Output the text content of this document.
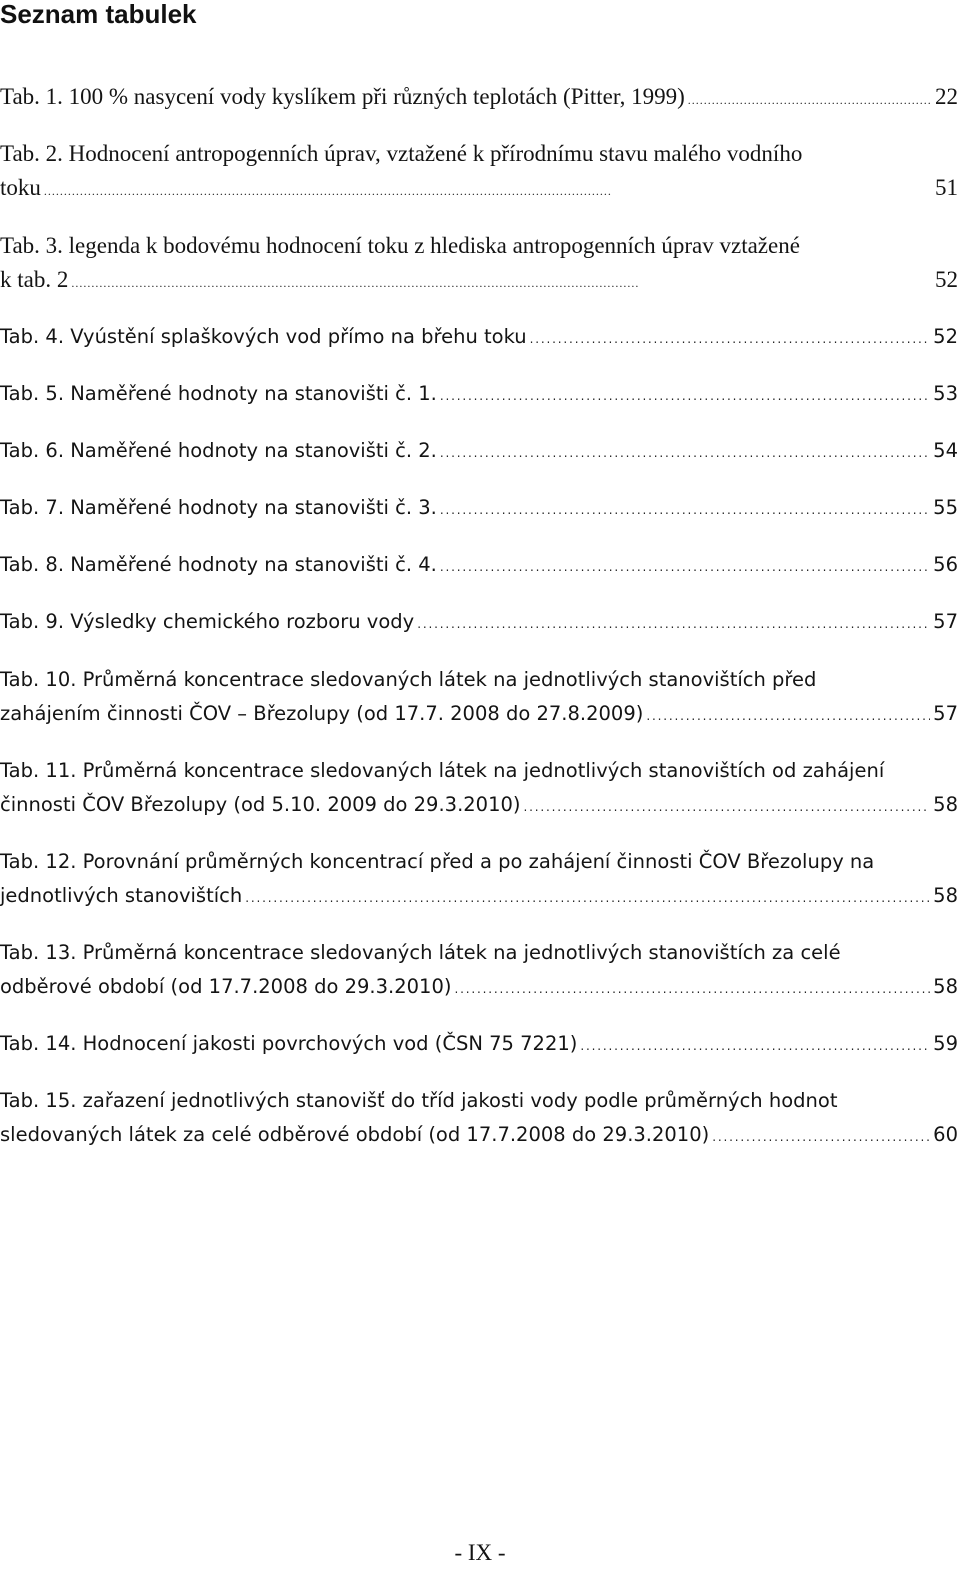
Seznam tabulek
Tab. 1. 100 % nasycení vody kyslíkem při různých teplotách (Pitter, 1999) . . .	22
Tab. 2. Hodnocení antropogenních úprav, vztažené k přírodnímu stavu malého vodního
toku . . .	51
Tab. 3. legenda k bodovému hodnocení toku z hlediska antropogenních úprav vztažené
k tab. 2 . . .	52
Tab. 4. Vyústění splaškových vod přímo na břehu toku . . .	52
Tab. 5. Naměřené hodnoty na stanovišti č. 1. . . .	53
Tab. 6. Naměřené hodnoty na stanovišti č. 2. . . .	54
Tab. 7. Naměřené hodnoty na stanovišti č. 3. . . .	55
Tab. 8. Naměřené hodnoty na stanovišti č. 4. . . .	56
Tab. 9. Výsledky chemického rozboru vody . . .	57
Tab. 10. Průměrná koncentrace sledovaných látek na jednotlivých stanovištích před
zahájením činnosti ČOV – Březolupy (od 17.7. 2008 do 27.8.2009) . . .	57
Tab. 11. Průměrná koncentrace sledovaných látek na jednotlivých stanovištích od zahájení
činnosti ČOV Březolupy (od 5.10. 2009 do 29.3.2010) . . .	58
Tab. 12. Porovnání průměrných koncentrací před a po zahájení činnosti ČOV Březolupy na
jednotlivých stanovištích . . .	58
Tab. 13. Průměrná koncentrace sledovaných látek na jednotlivých stanovištích za celé
odběrové období (od 17.7.2008 do 29.3.2010) . . .	58
Tab. 14. Hodnocení jakosti povrchových vod (ČSN 75 7221) . . .	59
Tab. 15. zařazení jednotlivých stanovišť do tříd jakosti vody podle průměrných hodnot
sledovaných látek za celé odběrové období (od 17.7.2008 do 29.3.2010) . . .	60
- IX -
